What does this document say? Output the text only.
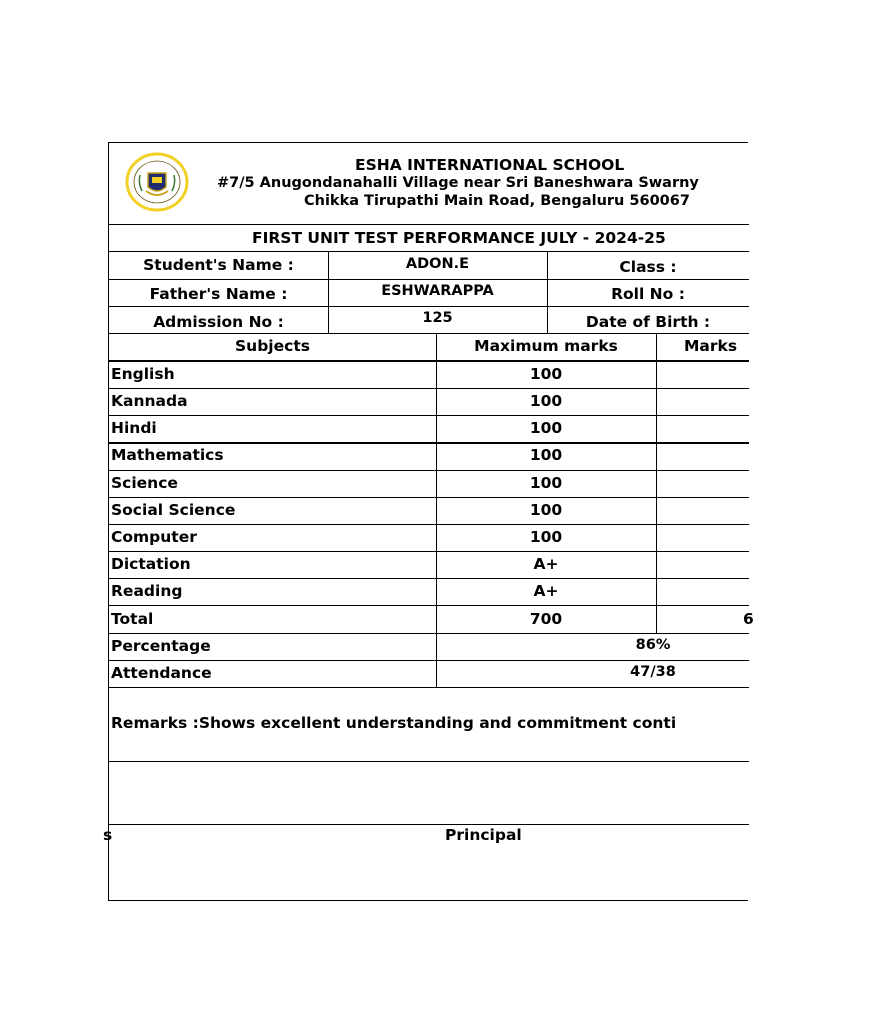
ESHA INTERNATIONAL SCHOOL
#7/5 Anugondanahalli Village near Sri Baneshwara Swarny
Chikka Tirupathi Main Road, Bengaluru 560067
FIRST UNIT TEST PERFORMANCE JULY - 2024-25
Student's Name :	ADON.E	Class :
Father's Name :	ESHWARAPPA	Roll No :
Admission No :	125	Date of Birth :
Subjects	Maximum marks	Marks
English	100
Kannada	100
Hindi	100
Mathematics	100
Science	100
Social Science	100
Computer	100
Dictation	A+
Reading	A+
Total	700	6
Percentage	86%
Attendance	47/38
Remarks :Shows excellent understanding and commitment conti
s	Principal
